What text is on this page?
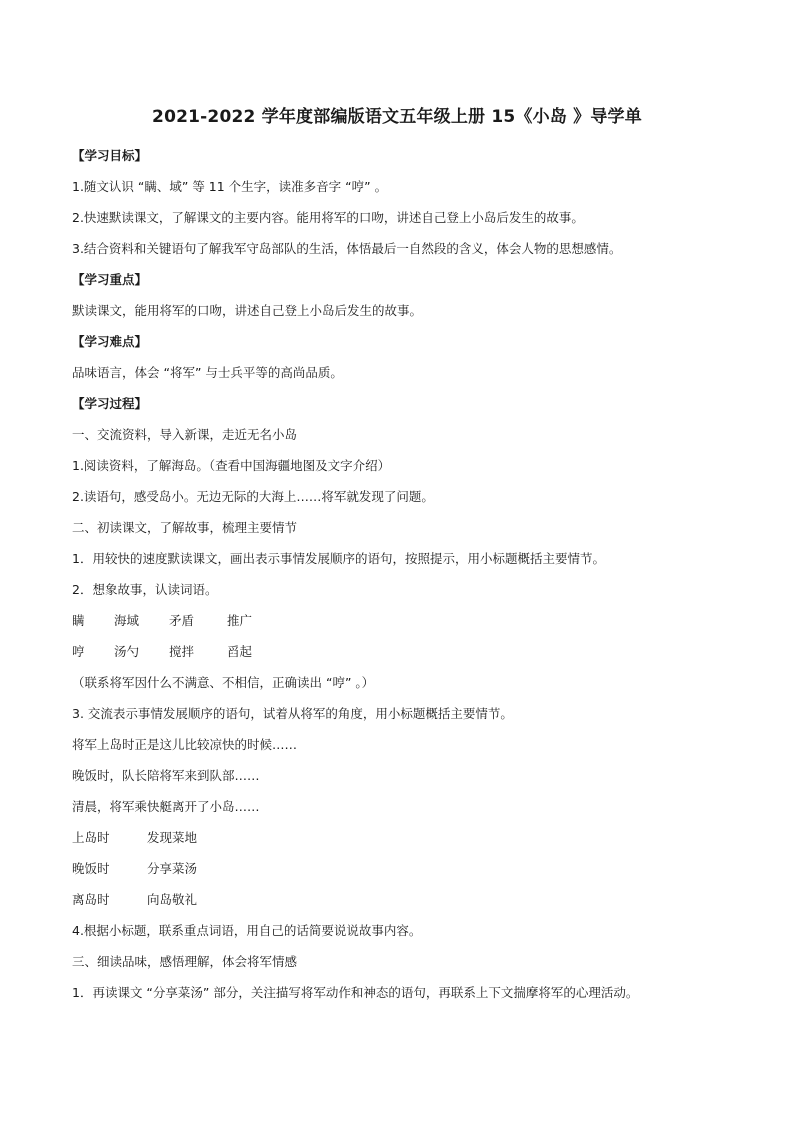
2021-2022 学年度部编版语文五年级上册 15《小岛 》导学单
【学习目标】
1.随文认识 “瞒、域” 等 11 个生字，读准多音字 “哼” 。
2.快速默读课文，了解课文的主要内容。能用将军的口吻，讲述自己登上小岛后发生的故事。
3.结合资料和关键语句了解我军守岛部队的生活，体悟最后一自然段的含义，体会人物的思想感情。
【学习重点】
默读课文，能用将军的口吻，讲述自己登上小岛后发生的故事。
【学习难点】
品味语言，体会 “将军” 与士兵平等的高尚品质。
【学习过程】
一、交流资料，导入新课，走近无名小岛
1.阅读资料，了解海岛。（查看中国海疆地图及文字介绍）
2.读语句，感受岛小。无边无际的大海上……将军就发现了问题。
二、初读课文，了解故事，梳理主要情节
1．用较快的速度默读课文，画出表示事情发展顺序的语句，按照提示，用小标题概括主要情节。
2．想象故事，认读词语。
瞒	海域	矛盾	推广
哼	汤勺	搅拌	舀起
（联系将军因什么不满意、不相信，正确读出 “哼” 。）
3. 交流表示事情发展顺序的语句，试着从将军的角度，用小标题概括主要情节。
将军上岛时正是这儿比较凉快的时候……
晚饭时，队长陪将军来到队部……
清晨，将军乘快艇离开了小岛……
上岛时	发现菜地
晚饭时	分享菜汤
离岛时	向岛敬礼
4.根据小标题，联系重点词语，用自己的话简要说说故事内容。
三、细读品味，感悟理解，体会将军情感
1．再读课文 “分享菜汤” 部分，关注描写将军动作和神态的语句，再联系上下文揣摩将军的心理活动。
